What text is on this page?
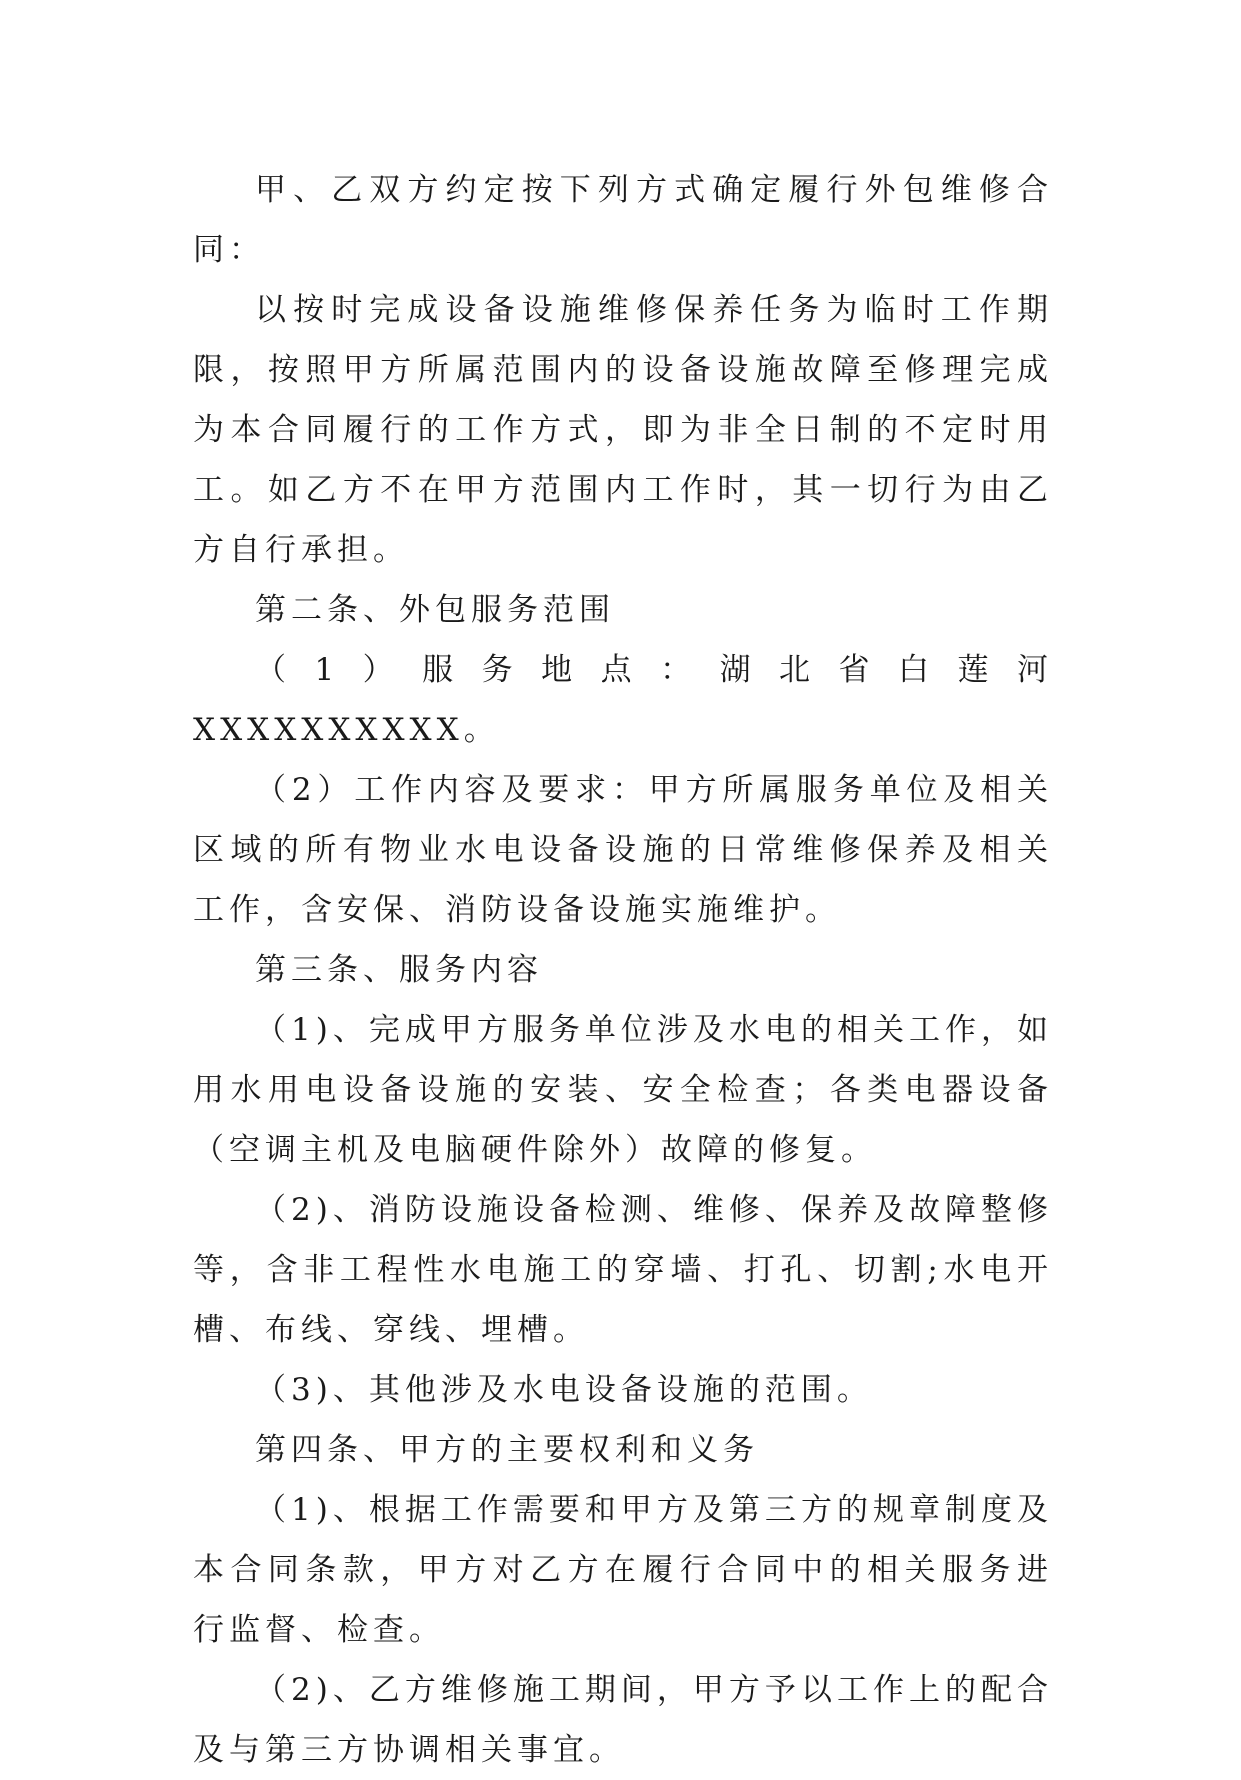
甲、乙双方约定按下列方式确定履行外包维修合同：

以按时完成设备设施维修保养任务为临时工作期限，按照甲方所属范围内的设备设施故障至修理完成为本合同履行的工作方式，即为非全日制的不定时用工。如乙方不在甲方范围内工作时，其一切行为由乙方自行承担。

第二条、外包服务范围

（1）服务地点：湖北省白莲河XXXXXXXXXX。

（2）工作内容及要求：甲方所属服务单位及相关区域的所有物业水电设备设施的日常维修保养及相关工作，含安保、消防设备设施实施维护。

第三条、服务内容

（1)、完成甲方服务单位涉及水电的相关工作，如用水用电设备设施的安装、安全检查；各类电器设备（空调主机及电脑硬件除外）故障的修复。

（2)、消防设施设备检测、维修、保养及故障整修等，含非工程性水电施工的穿墙、打孔、切割;水电开槽、布线、穿线、埋槽。

（3)、其他涉及水电设备设施的范围。

第四条、甲方的主要权利和义务

（1)、根据工作需要和甲方及第三方的规章制度及本合同条款，甲方对乙方在履行合同中的相关服务进行监督、检查。

（2)、乙方维修施工期间，甲方予以工作上的配合及与第三方协调相关事宜。
